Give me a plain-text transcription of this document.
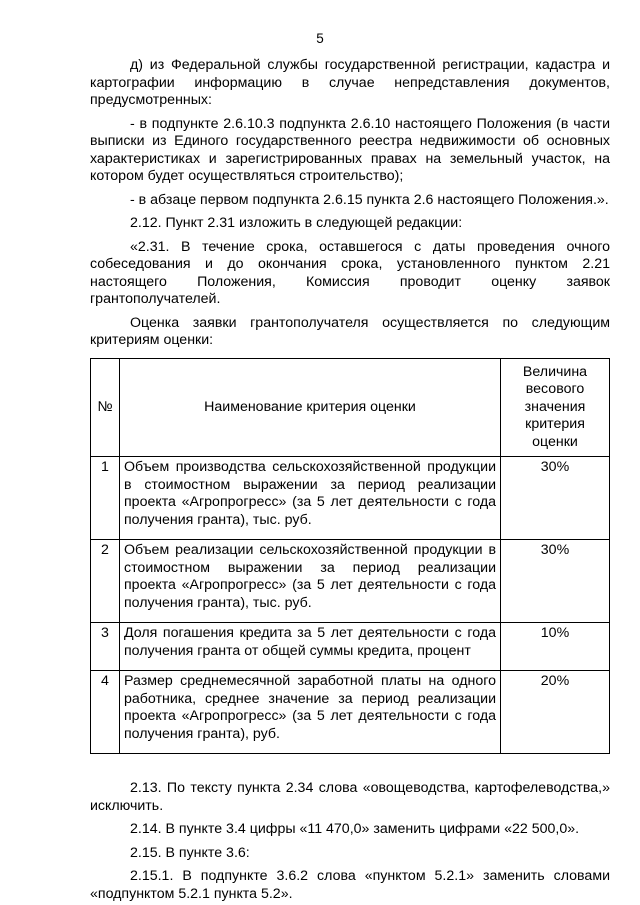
5

д) из Федеральной службы государственной регистрации, кадастра и картографии информацию в случае непредставления документов, предусмотренных:

- в подпункте 2.6.10.3 подпункта 2.6.10 настоящего Положения (в части выписки из Единого государственного реестра недвижимости об основных характеристиках и зарегистрированных правах на земельный участок, на котором будет осуществляться строительство);

- в абзаце первом подпункта 2.6.15 пункта 2.6 настоящего Положения.».

2.12. Пункт 2.31 изложить в следующей редакции:

«2.31. В течение срока, оставшегося с даты проведения очного собеседования и до окончания срока, установленного пунктом 2.21 настоящего Положения, Комиссия проводит оценку заявок грантополучателей.

Оценка заявки грантополучателя осуществляется по следующим критериям оценки:

№	Наименование критерия оценки	Величина весового значения критерия оценки
1	Объем производства сельскохозяйственной продукции в стоимостном выражении за период реализации проекта «Агропрогресс» (за 5 лет деятельности с года получения гранта), тыс. руб.	30%
2	Объем реализации сельскохозяйственной продукции в стоимостном выражении за период реализации проекта «Агропрогресс» (за 5 лет деятельности с года получения гранта), тыс. руб.	30%
3	Доля погашения кредита за 5 лет деятельности с года получения гранта от общей суммы кредита, процент	10%
4	Размер среднемесячной заработной платы на одного работника, среднее значение за период реализации проекта «Агропрогресс» (за 5 лет деятельности с года получения гранта), руб.	20%

2.13. По тексту пункта 2.34 слова «овощеводства, картофелеводства,» исключить.

2.14. В пункте 3.4 цифры «11 470,0» заменить цифрами «22 500,0».

2.15. В пункте 3.6:

2.15.1. В подпункте 3.6.2 слова «пунктом 5.2.1» заменить словами «подпунктом 5.2.1 пункта 5.2».
